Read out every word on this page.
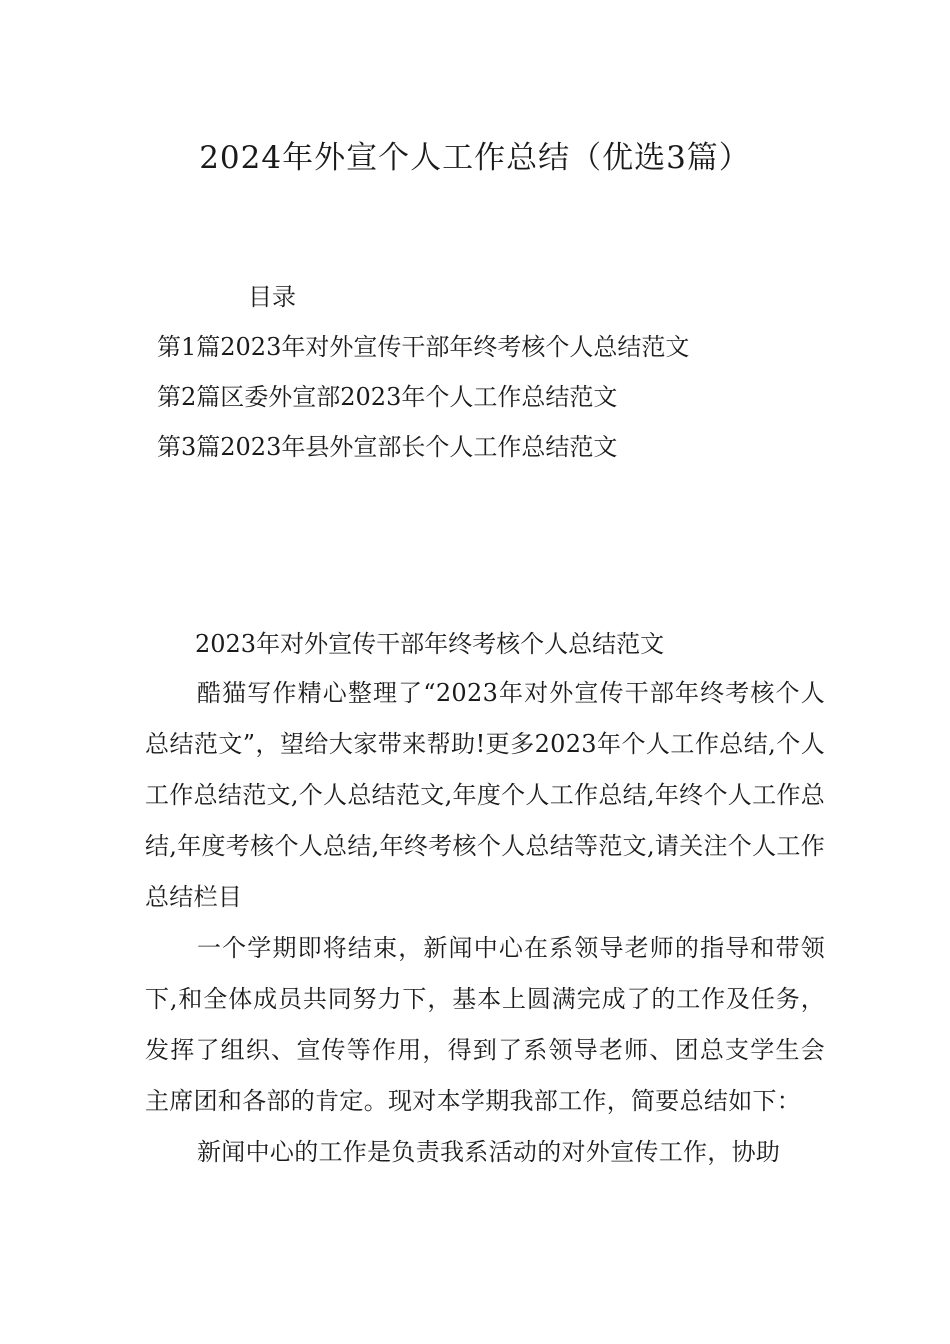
2024年外宣个人工作总结（优选3篇）
目录
第1篇2023年对外宣传干部年终考核个人总结范文
第2篇区委外宣部2023年个人工作总结范文
第3篇2023年县外宣部长个人工作总结范文
2023年对外宣传干部年终考核个人总结范文

酷猫写作精心整理了“2023年对外宣传干部年终考核个人总结范文”，望给大家带来帮助!更多2023年个人工作总结,个人工作总结范文,个人总结范文,年度个人工作总结,年终个人工作总结,年度考核个人总结,年终考核个人总结等范文,请关注个人工作总结栏目

一个学期即将结束，新闻中心在系领导老师的指导和带领下,和全体成员共同努力下，基本上圆满完成了的工作及任务，发挥了组织、宣传等作用，得到了系领导老师、团总支学生会主席团和各部的肯定。现对本学期我部工作，简要总结如下：

新闻中心的工作是负责我系活动的对外宣传工作，协助
